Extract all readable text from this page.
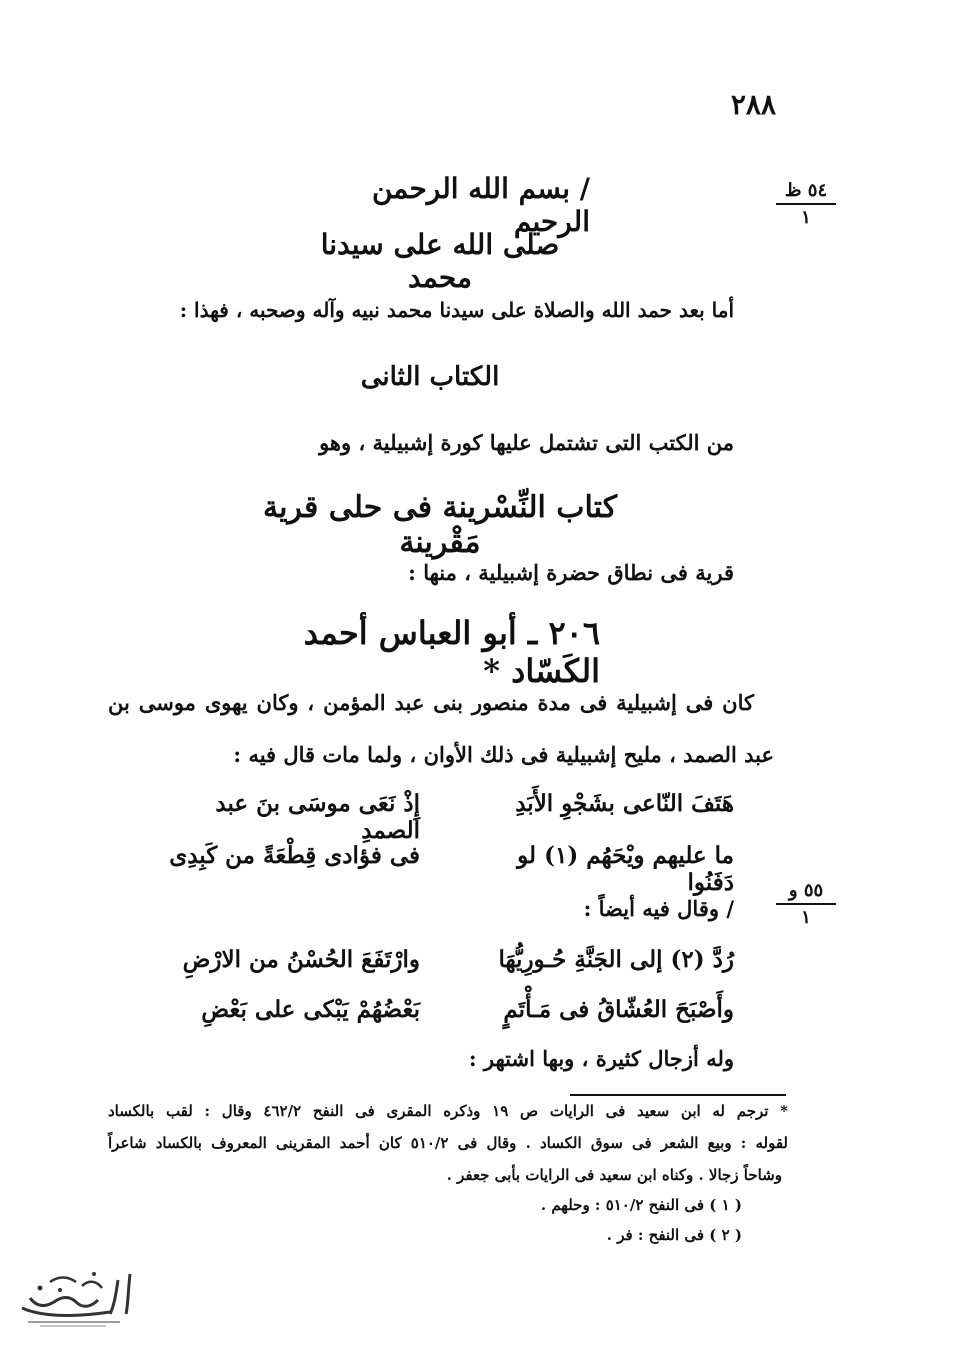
٢٨٨
٥٤ ظ
١
/ بسم الله الرحمن الرحيم
صلى الله على سيدنا محمد
أما بعد حمد الله والصلاة على سيدنا محمد نبيه وآله وصحبه ، فهذا :
الكتاب الثانى
من الكتب التى تشتمل عليها كورة إشبيلية ، وهو
كتاب النِّسْرينة فى حلى قرية مَقْرينة
قرية فى نطاق حضرة إشبيلية ، منها :
٢٠٦ ـ أبو العباس أحمد الكَسّاد *
كان فى إشبيلية فى مدة منصور بنى عبد المؤمن ، وكان يهوى موسى بن
عبد الصمد ، مليح إشبيلية فى ذلك الأوان ، ولما مات قال فيه :
هَتَفَ النّاعى بشَجْوِ الأَبَدِ
إِذْ نَعَى موسَى بنَ عبد الصمدِ
ما عليهم ويْحَهُم (١) لو دَفَنُوا
فى فؤادى قِطْعَةً من كَبِدِى
٥٥ و
١
/ وقال فيه أيضاً :
رُدَّ (٢) إلى الجَنَّةِ حُـورِيُّهَا
وارْتَفَعَ الحُسْنُ من الارْضِ
وأَصْبَحَ العُشّاقُ فى مَـأْتَمٍ
بَعْضُهُمْ يَبْكى على بَعْضِ
وله أزجال كثيرة ، وبها اشتهر :
* ترجم له ابن سعيد فى الرايات ص ١٩ وذكره المقرى فى النفح ٤٦٢/٢ وقال : لقب بالكساد
لقوله : وبيع الشعر فى سوق الكساد . وقال فى ٥١٠/٢ كان أحمد المقرينى المعروف بالكساد شاعراً
وشاحاً زجالا . وكناه ابن سعيد فى الرايات بأبى جعفر .
( ١ ) فى النفح ٥١٠/٢ : وحلهم .
( ٢ ) فى النفح : فر .
